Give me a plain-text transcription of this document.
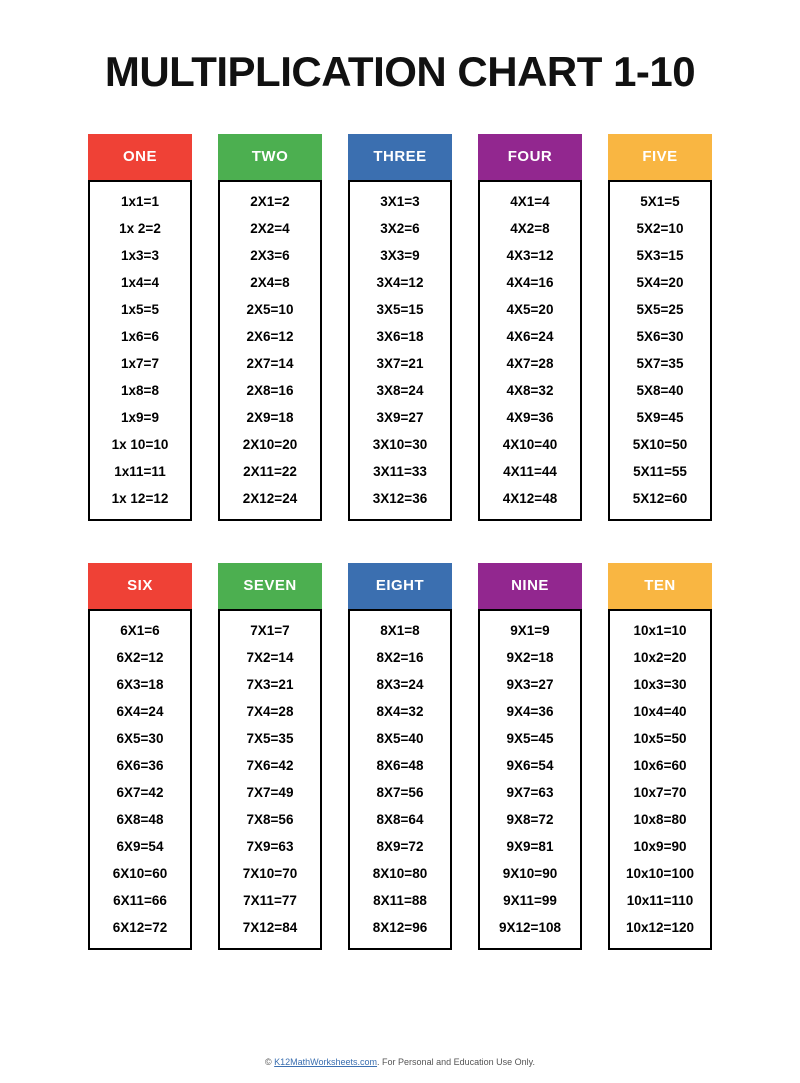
MULTIPLICATION CHART 1-10
ONE
1x1=1
1x 2=2
1x3=3
1x4=4
1x5=5
1x6=6
1x7=7
1x8=8
1x9=9
1x 10=10
1x11=11
1x 12=12
TWO
2X1=2
2X2=4
2X3=6
2X4=8
2X5=10
2X6=12
2X7=14
2X8=16
2X9=18
2X10=20
2X11=22
2X12=24
THREE
3X1=3
3X2=6
3X3=9
3X4=12
3X5=15
3X6=18
3X7=21
3X8=24
3X9=27
3X10=30
3X11=33
3X12=36
FOUR
4X1=4
4X2=8
4X3=12
4X4=16
4X5=20
4X6=24
4X7=28
4X8=32
4X9=36
4X10=40
4X11=44
4X12=48
FIVE
5X1=5
5X2=10
5X3=15
5X4=20
5X5=25
5X6=30
5X7=35
5X8=40
5X9=45
5X10=50
5X11=55
5X12=60
SIX
6X1=6
6X2=12
6X3=18
6X4=24
6X5=30
6X6=36
6X7=42
6X8=48
6X9=54
6X10=60
6X11=66
6X12=72
SEVEN
7X1=7
7X2=14
7X3=21
7X4=28
7X5=35
7X6=42
7X7=49
7X8=56
7X9=63
7X10=70
7X11=77
7X12=84
EIGHT
8X1=8
8X2=16
8X3=24
8X4=32
8X5=40
8X6=48
8X7=56
8X8=64
8X9=72
8X10=80
8X11=88
8X12=96
NINE
9X1=9
9X2=18
9X3=27
9X4=36
9X5=45
9X6=54
9X7=63
9X8=72
9X9=81
9X10=90
9X11=99
9X12=108
TEN
10x1=10
10x2=20
10x3=30
10x4=40
10x5=50
10x6=60
10x7=70
10x8=80
10x9=90
10x10=100
10x11=110
10x12=120
© K12MathWorksheets.com. For Personal and Education Use Only.
